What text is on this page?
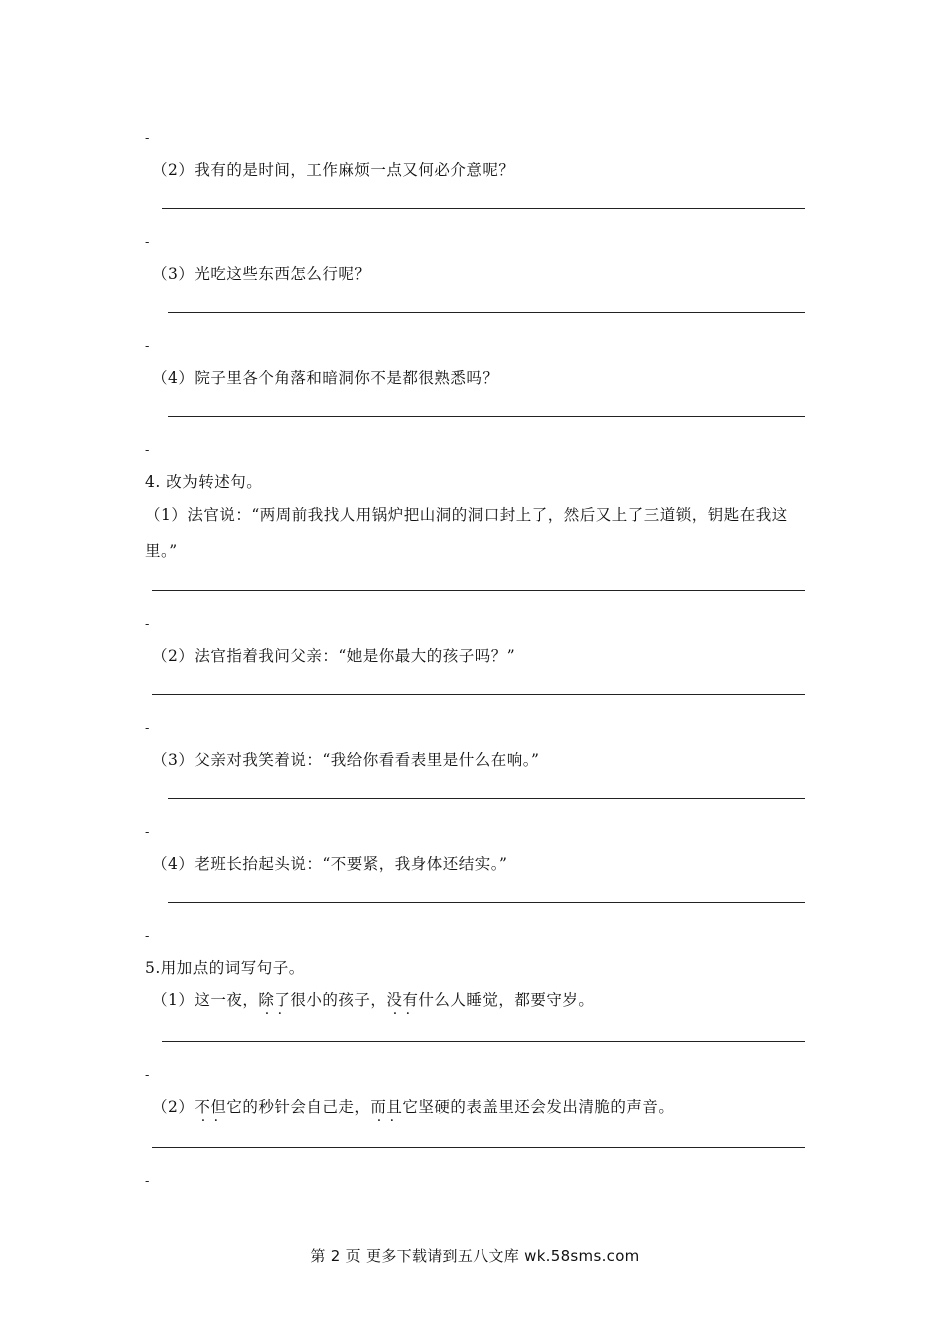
-
（2）我有的是时间，工作麻烦一点又何必介意呢？
-
（3）光吃这些东西怎么行呢？
-
（4）院子里各个角落和暗洞你不是都很熟悉吗？
-
4. 改为转述句。
（1）法官说：“两周前我找人用锅炉把山洞的洞口封上了，然后又上了三道锁，钥匙在我这
里。”
-
（2）法官指着我问父亲：“她是你最大的孩子吗？”
-
（3）父亲对我笑着说：“我给你看看表里是什么在响。”
-
（4）老班长抬起头说：“不要紧，我身体还结实。”
-
5.用加点的词写句子。
（1）这一夜，除了 · ·很小的孩子，没有 · ·什么人睡觉，都要守岁。
-
（2）不但 · ·它的秒针会自己走，而且 · ·它坚硬的表盖里还会发出清脆的声音。
-
第 2 页 更多下载请到五八文库 wk.58sms.com
